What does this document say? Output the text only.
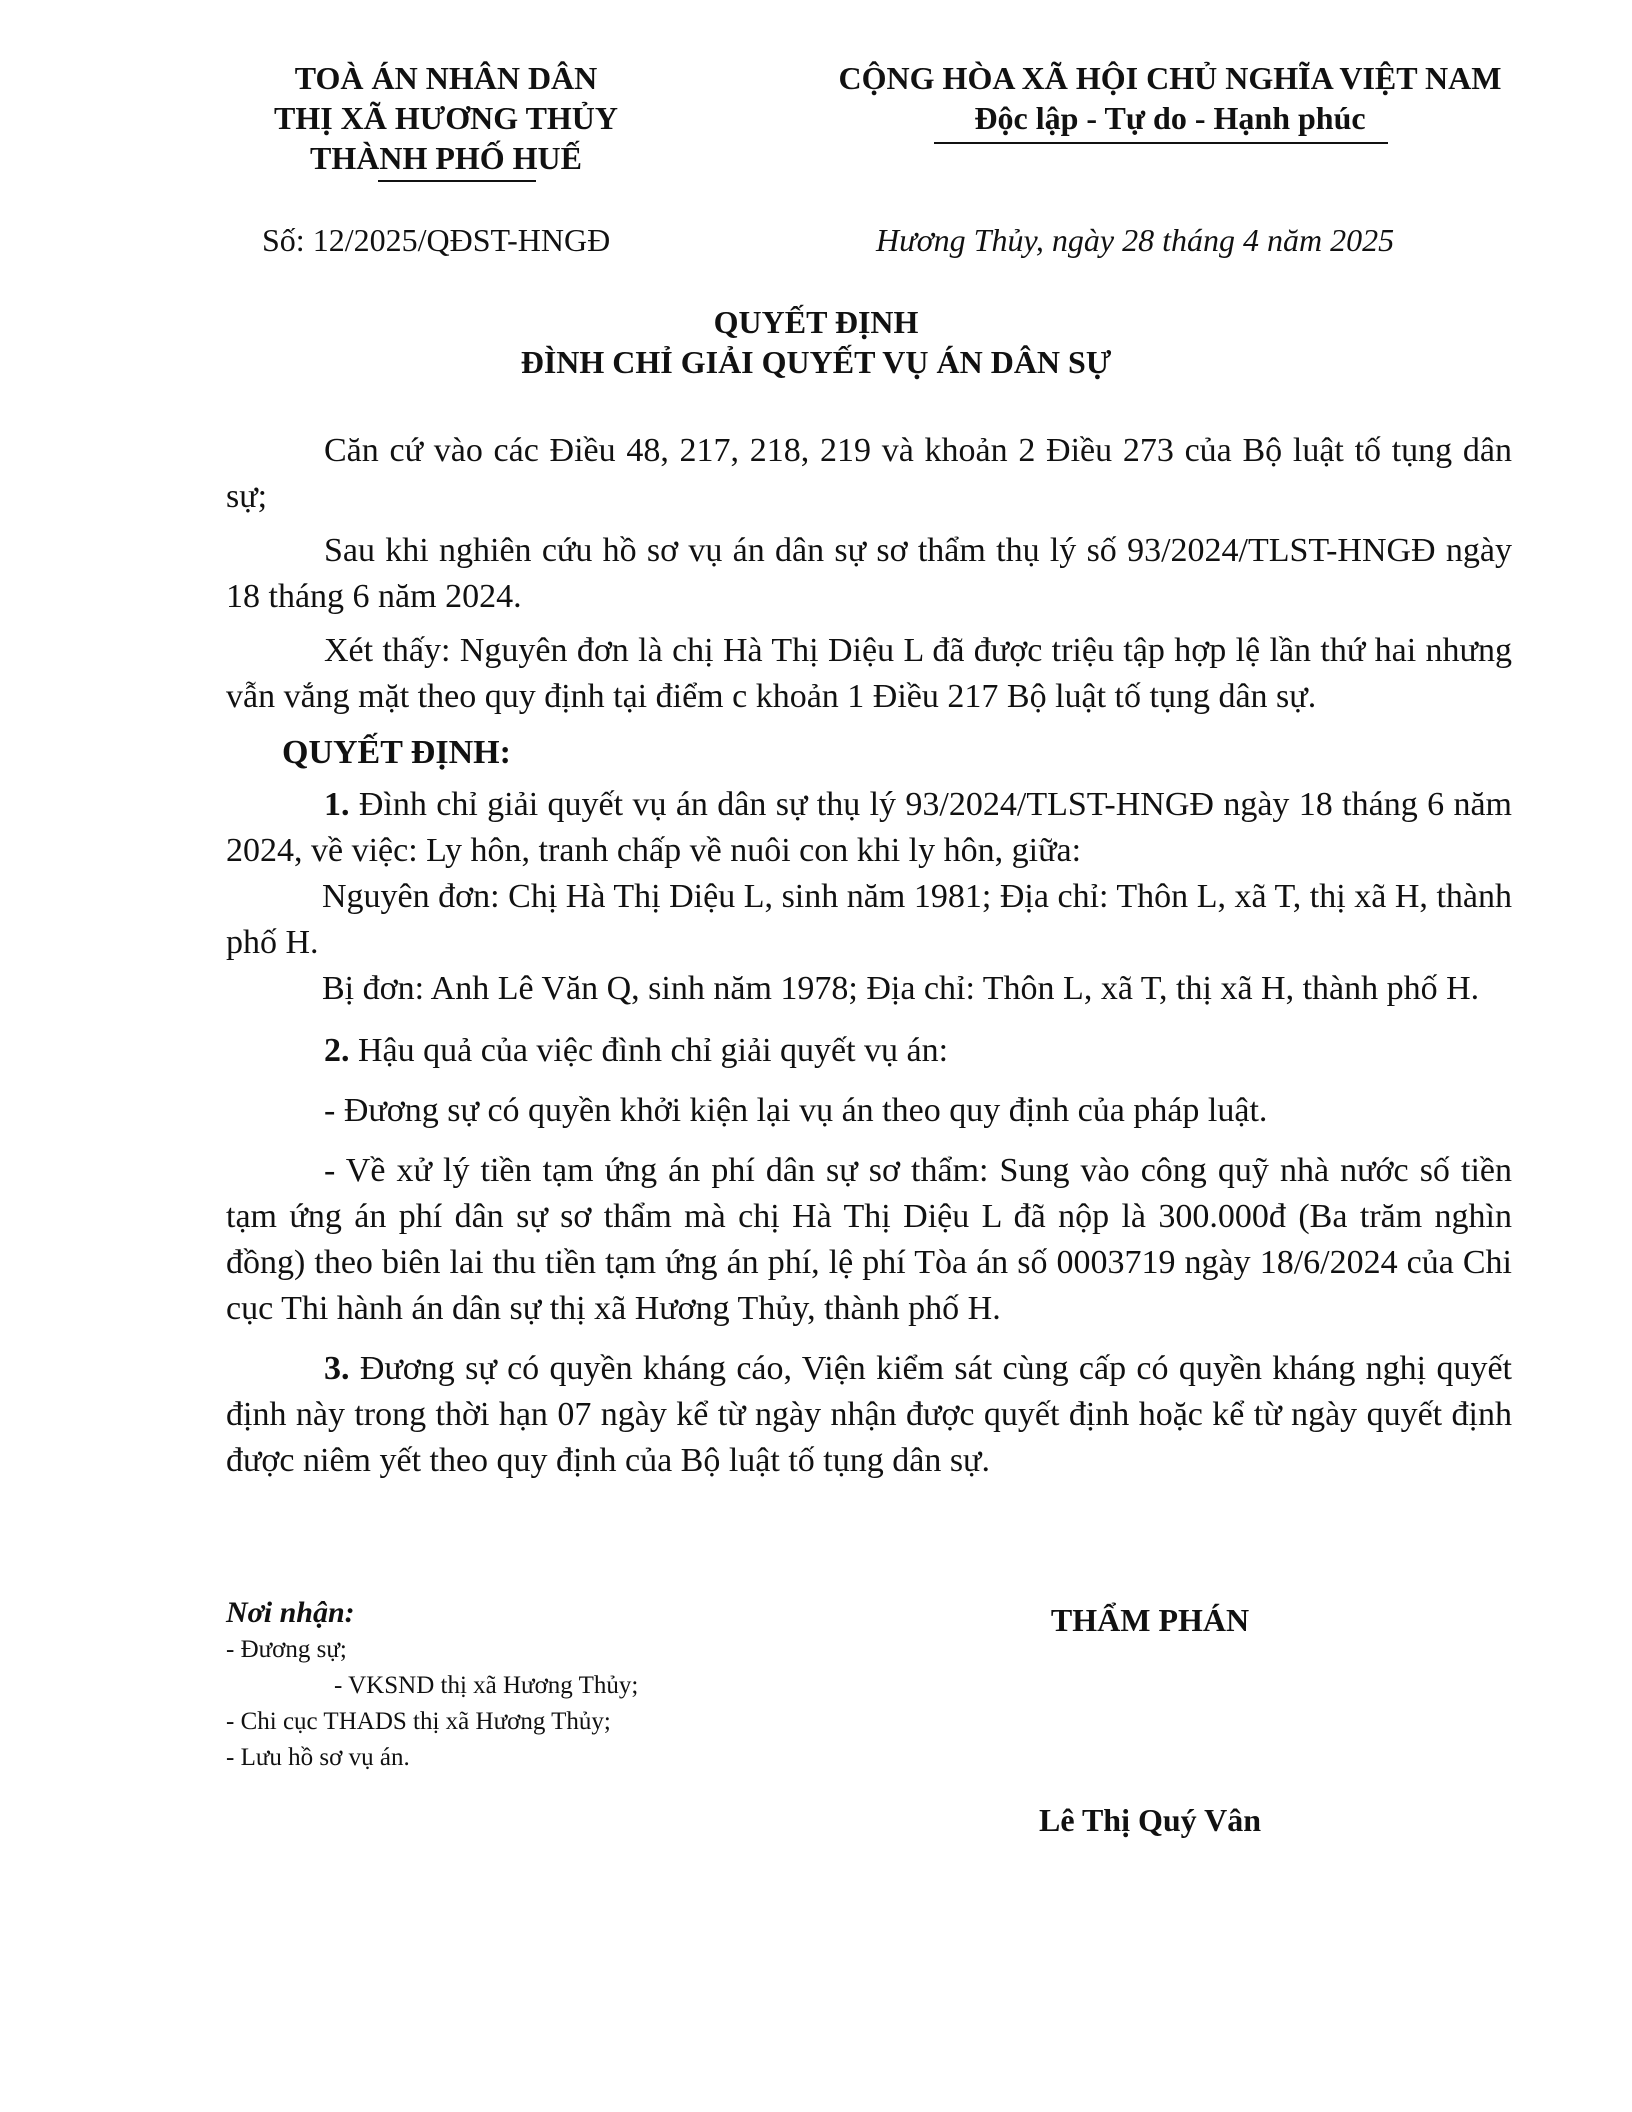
TOÀ ÁN NHÂN DÂN
THỊ XÃ HƯƠNG THỦY
THÀNH PHỐ HUẾ
CỘNG HÒA XÃ HỘI CHỦ NGHĨA VIỆT NAM
Độc lập - Tự do - Hạnh phúc
Số: 12/2025/QĐST-HNGĐ	Hương Thủy, ngày 28 tháng 4 năm 2025
QUYẾT ĐỊNH
ĐÌNH CHỈ GIẢI QUYẾT VỤ ÁN DÂN SỰ

Căn cứ vào các Điều 48, 217, 218, 219 và khoản 2 Điều 273 của Bộ luật tố tụng dân sự;

Sau khi nghiên cứu hồ sơ vụ án dân sự sơ thẩm thụ lý số 93/2024/TLST-HNGĐ ngày 18 tháng 6 năm 2024.

Xét thấy: Nguyên đơn là chị Hà Thị Diệu L đã được triệu tập hợp lệ lần thứ hai nhưng vẫn vắng mặt theo quy định tại điểm c khoản 1 Điều 217 Bộ luật tố tụng dân sự.

QUYẾT ĐỊNH:

1. Đình chỉ giải quyết vụ án dân sự thụ lý 93/2024/TLST-HNGĐ ngày 18 tháng 6 năm 2024, về việc: Ly hôn, tranh chấp về nuôi con khi ly hôn, giữa:

Nguyên đơn: Chị Hà Thị Diệu L, sinh năm 1981; Địa chỉ: Thôn L, xã T, thị xã H, thành phố H.

Bị đơn: Anh Lê Văn Q, sinh năm 1978; Địa chỉ: Thôn L, xã T, thị xã H, thành phố H.

2. Hậu quả của việc đình chỉ giải quyết vụ án:

- Đương sự có quyền khởi kiện lại vụ án theo quy định của pháp luật.

- Về xử lý tiền tạm ứng án phí dân sự sơ thẩm: Sung vào công quỹ nhà nước số tiền tạm ứng án phí dân sự sơ thẩm mà chị Hà Thị Diệu L đã nộp là 300.000đ (Ba trăm nghìn đồng) theo biên lai thu tiền tạm ứng án phí, lệ phí Tòa án số 0003719 ngày 18/6/2024 của Chi cục Thi hành án dân sự thị xã Hương Thủy, thành phố H.

3. Đương sự có quyền kháng cáo, Viện kiểm sát cùng cấp có quyền kháng nghị quyết định này trong thời hạn 07 ngày kể từ ngày nhận được quyết định hoặc kể từ ngày quyết định được niêm yết theo quy định của Bộ luật tố tụng dân sự.

Nơi nhận:
- Đương sự;
- VKSND thị xã Hương Thủy;
- Chi cục THADS thị xã Hương Thủy;
- Lưu hồ sơ vụ án.
THẨM PHÁN
Lê Thị Quý Vân
